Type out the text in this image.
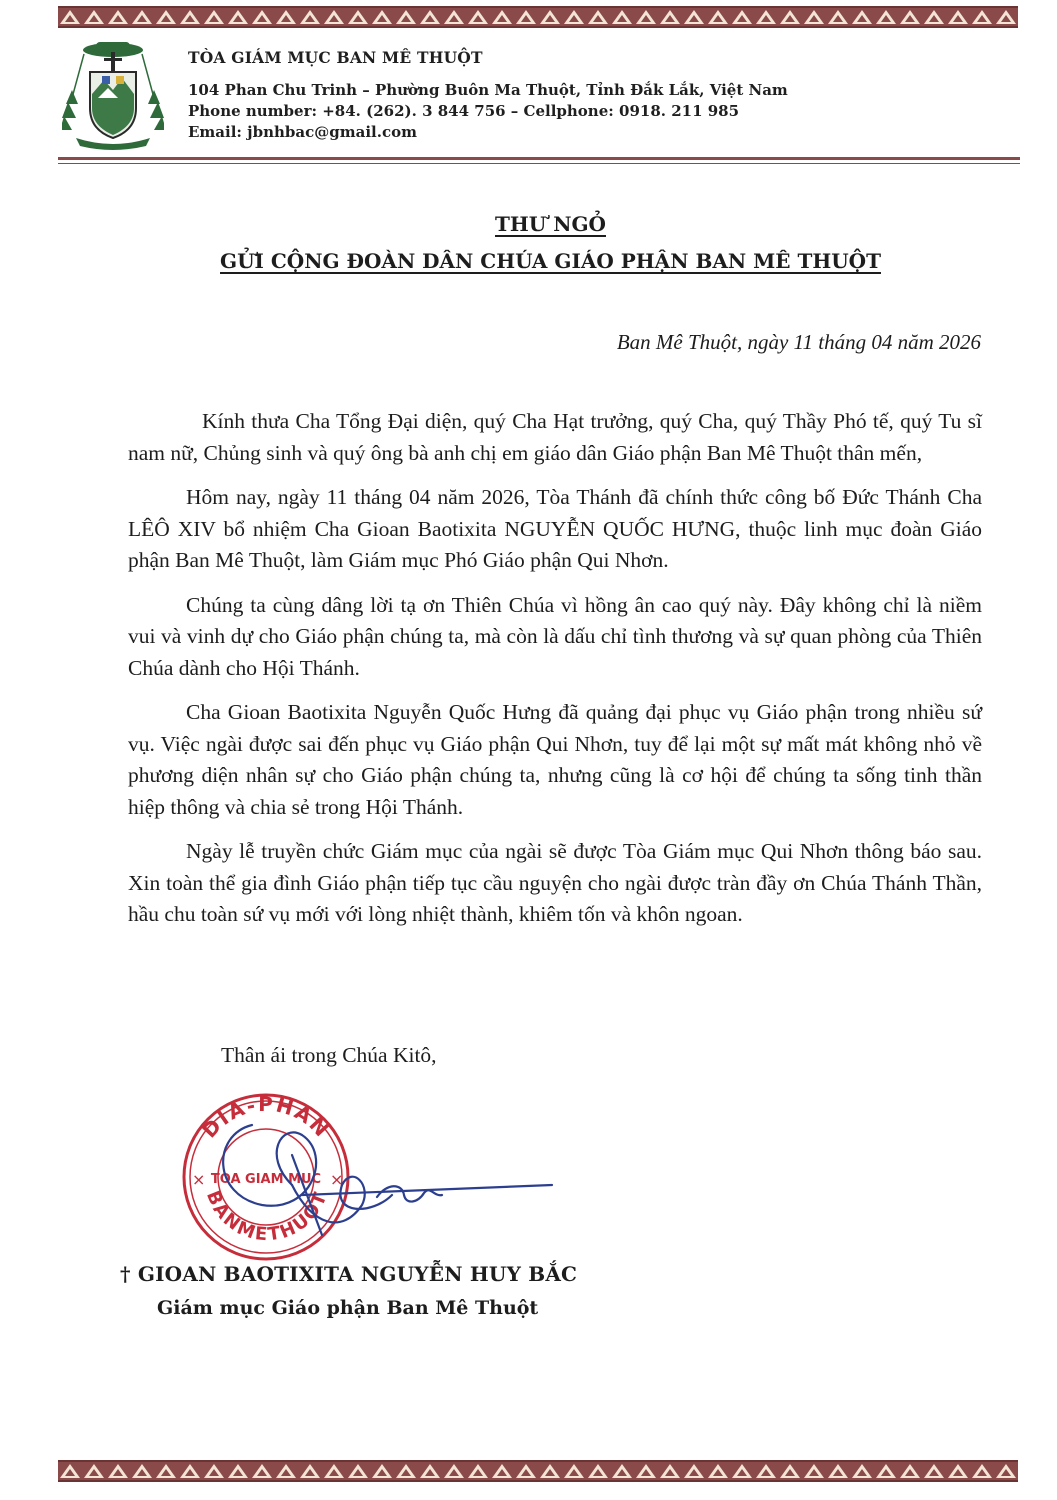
TÒA GIÁM MỤC BAN MÊ THUỘT
104 Phan Chu Trinh – Phường Buôn Ma Thuột, Tỉnh Đắk Lắk, Việt Nam
Phone number: +84. (262). 3 844 756 – Cellphone: 0918. 211 985
Email: jbnhbac@gmail.com
THƯ NGỎ
GỬI CỘNG ĐOÀN DÂN CHÚA GIÁO PHẬN BAN MÊ THUỘT
Ban Mê Thuột, ngày 11 tháng 04 năm 2026

Kính thưa Cha Tổng Đại diện, quý Cha Hạt trưởng, quý Cha, quý Thầy Phó tế, quý Tu sĩ nam nữ, Chủng sinh và quý ông bà anh chị em giáo dân Giáo phận Ban Mê Thuột thân mến,

Hôm nay, ngày 11 tháng 04 năm 2026, Tòa Thánh đã chính thức công bố Đức Thánh Cha LÊÔ XIV bổ nhiệm Cha Gioan Baotixita NGUYỄN QUỐC HƯNG, thuộc linh mục đoàn Giáo phận Ban Mê Thuột, làm Giám mục Phó Giáo phận Qui Nhơn.

Chúng ta cùng dâng lời tạ ơn Thiên Chúa vì hồng ân cao quý này. Đây không chỉ là niềm vui và vinh dự cho Giáo phận chúng ta, mà còn là dấu chỉ tình thương và sự quan phòng của Thiên Chúa dành cho Hội Thánh.

Cha Gioan Baotixita Nguyễn Quốc Hưng đã quảng đại phục vụ Giáo phận trong nhiều sứ vụ. Việc ngài được sai đến phục vụ Giáo phận Qui Nhơn, tuy để lại một sự mất mát không nhỏ về phương diện nhân sự cho Giáo phận chúng ta, nhưng cũng là cơ hội để chúng ta sống tinh thần hiệp thông và chia sẻ trong Hội Thánh.

Ngày lễ truyền chức Giám mục của ngài sẽ được Tòa Giám mục Qui Nhơn thông báo sau. Xin toàn thể gia đình Giáo phận tiếp tục cầu nguyện cho ngài được tràn đầy ơn Chúa Thánh Thần, hầu chu toàn sứ vụ mới với lòng nhiệt thành, khiêm tốn và khôn ngoan.

Thân ái trong Chúa Kitô,
DIA-PHAN
BANMETHUOT
TOA GIAM MUC
×	×
† GIOAN BAOTIXITA NGUYỄN HUY BẮC
Giám mục Giáo phận Ban Mê Thuột
